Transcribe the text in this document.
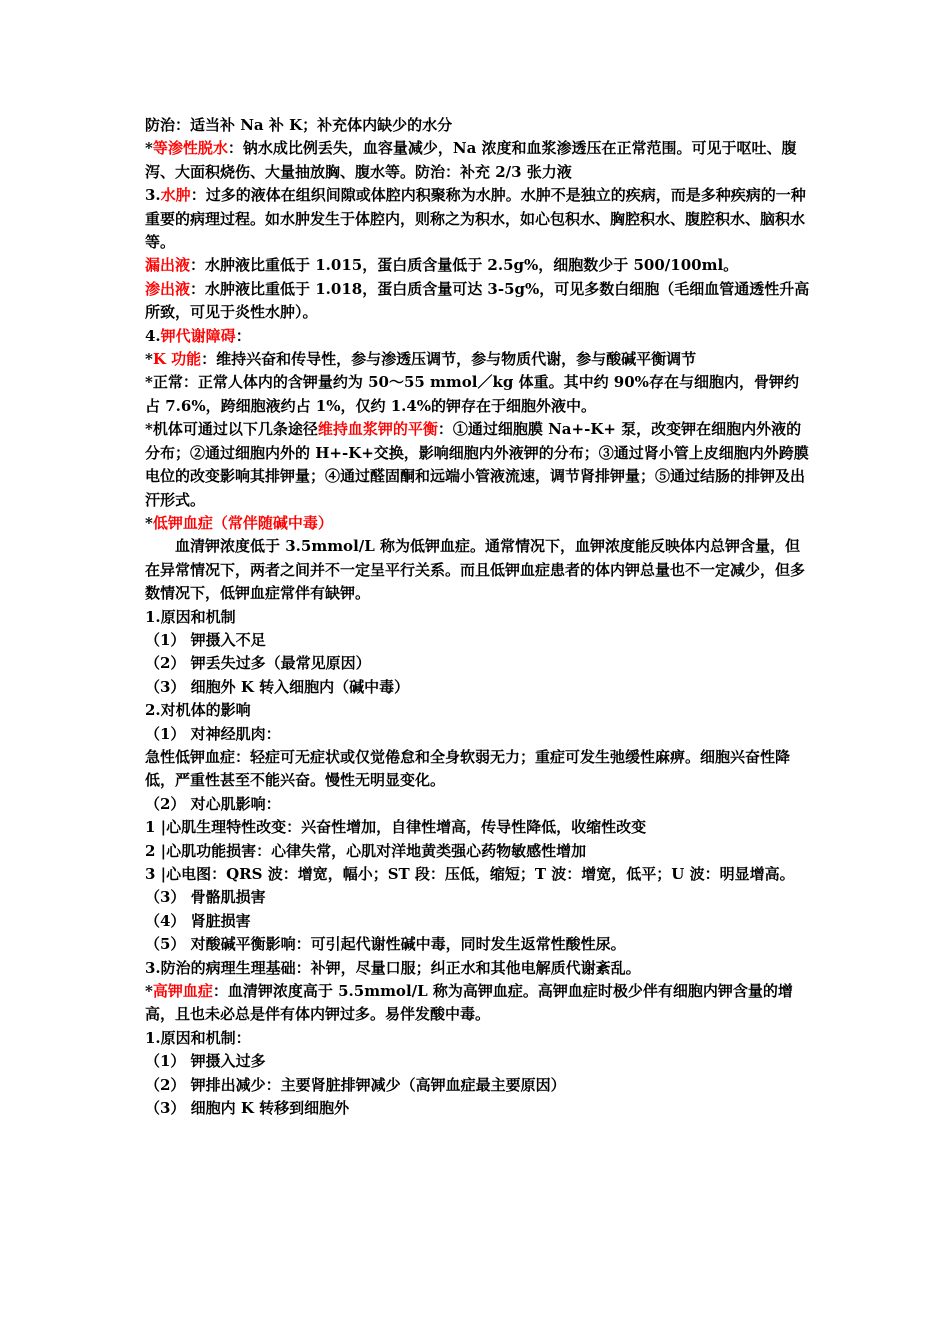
防治：适当补 Na 补 K；补充体内缺少的水分
*等渗性脱水：钠水成比例丢失，血容量减少，Na 浓度和血浆渗透压在正常范围。可见于呕吐、腹泻、大面积烧伤、大量抽放胸、腹水等。防治：补充 2/3 张力液
3.水肿：过多的液体在组织间隙或体腔内积聚称为水肿。水肿不是独立的疾病，而是多种疾病的一种重要的病理过程。如水肿发生于体腔内，则称之为积水，如心包积水、胸腔积水、腹腔积水、脑积水等。
漏出液：水肿液比重低于 1.015，蛋白质含量低于 2.5g%，细胞数少于 500/100ml。
渗出液：水肿液比重低于 1.018，蛋白质含量可达 3-5g%，可见多数白细胞（毛细血管通透性升高所致，可见于炎性水肿）。
4.钾代谢障碍：
*K 功能：维持兴奋和传导性，参与渗透压调节，参与物质代谢，参与酸碱平衡调节
*正常：正常人体内的含钾量约为 50～55 mmol／kg 体重。其中约 90%存在与细胞内，骨钾约占 7.6%，跨细胞液约占 1%，仅约 1.4%的钾存在于细胞外液中。
*机体可通过以下几条途径维持血浆钾的平衡：①通过细胞膜 Na+-K+ 泵，改变钾在细胞内外液的分布；②通过细胞内外的 H+-K+交换，影响细胞内外液钾的分布；③通过肾小管上皮细胞内外跨膜电位的改变影响其排钾量；④通过醛固酮和远端小管液流速，调节肾排钾量；⑤通过结肠的排钾及出汗形式。
*低钾血症（常伴随碱中毒）
血清钾浓度低于 3.5mmol/L 称为低钾血症。通常情况下，血钾浓度能反映体内总钾含量，但在异常情况下，两者之间并不一定呈平行关系。而且低钾血症患者的体内钾总量也不一定减少，但多数情况下，低钾血症常伴有缺钾。
1.原因和机制
（1） 钾摄入不足
（2） 钾丢失过多（最常见原因）
（3） 细胞外 K 转入细胞内（碱中毒）
2.对机体的影响
（1） 对神经肌肉：
急性低钾血症：轻症可无症状或仅觉倦怠和全身软弱无力；重症可发生弛缓性麻痹。细胞兴奋性降低，严重性甚至不能兴奋。慢性无明显变化。
（2） 对心肌影响：
1 |心肌生理特性改变：兴奋性增加，自律性增高，传导性降低，收缩性改变
2 |心肌功能损害：心律失常，心肌对洋地黄类强心药物敏感性增加
3 |心电图：QRS 波：增宽，幅小；ST 段：压低，缩短；T 波：增宽，低平；U 波：明显增高。
（3） 骨骼肌损害
（4） 肾脏损害
（5） 对酸碱平衡影响：可引起代谢性碱中毒，同时发生返常性酸性尿。
3.防治的病理生理基础：补钾，尽量口服；纠正水和其他电解质代谢紊乱。
*高钾血症：血清钾浓度高于 5.5mmol/L 称为高钾血症。高钾血症时极少伴有细胞内钾含量的增高，且也未必总是伴有体内钾过多。易伴发酸中毒。
1.原因和机制：
（1） 钾摄入过多
（2） 钾排出减少：主要肾脏排钾减少（高钾血症最主要原因）
（3） 细胞内 K 转移到细胞外
